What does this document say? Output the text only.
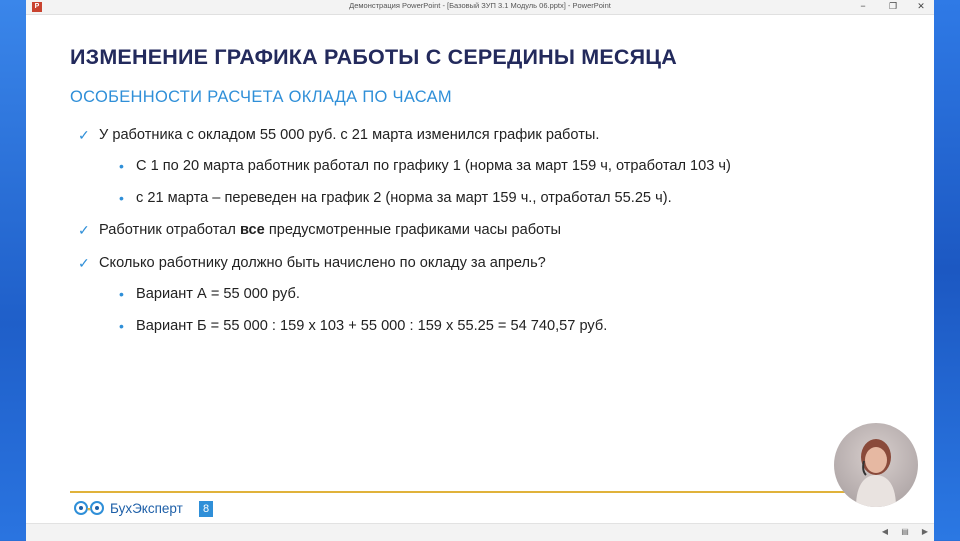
P	Демонстрация PowerPoint - [Базовый ЗУП 3.1 Модуль 06.pptx] - PowerPoint	−	❐	✕
ИЗМЕНЕНИЕ ГРАФИКА РАБОТЫ С СЕРЕДИНЫ МЕСЯЦА
ОСОБЕННОСТИ РАСЧЕТА ОКЛАДА ПО ЧАСАМ
✓ У работника с окладом 55 000 руб. с 21 марта изменился график работы.
• С 1 по 20 марта работник работал по графику 1 (норма за март 159 ч, отработал 103 ч)
• с 21 марта – переведен на график 2 (норма за март 159 ч., отработал 55.25 ч).
✓ Работник отработал все предусмотренные графиками часы работы
✓ Сколько работнику должно быть начислено по окладу за апрель?
• Вариант А = 55 000 руб.
• Вариант Б = 55 000 : 159 х 103 + 55 000 : 159 х 55.25 = 54 740,57 руб.
БухЭксперт	8
◀ ▤ ▶
